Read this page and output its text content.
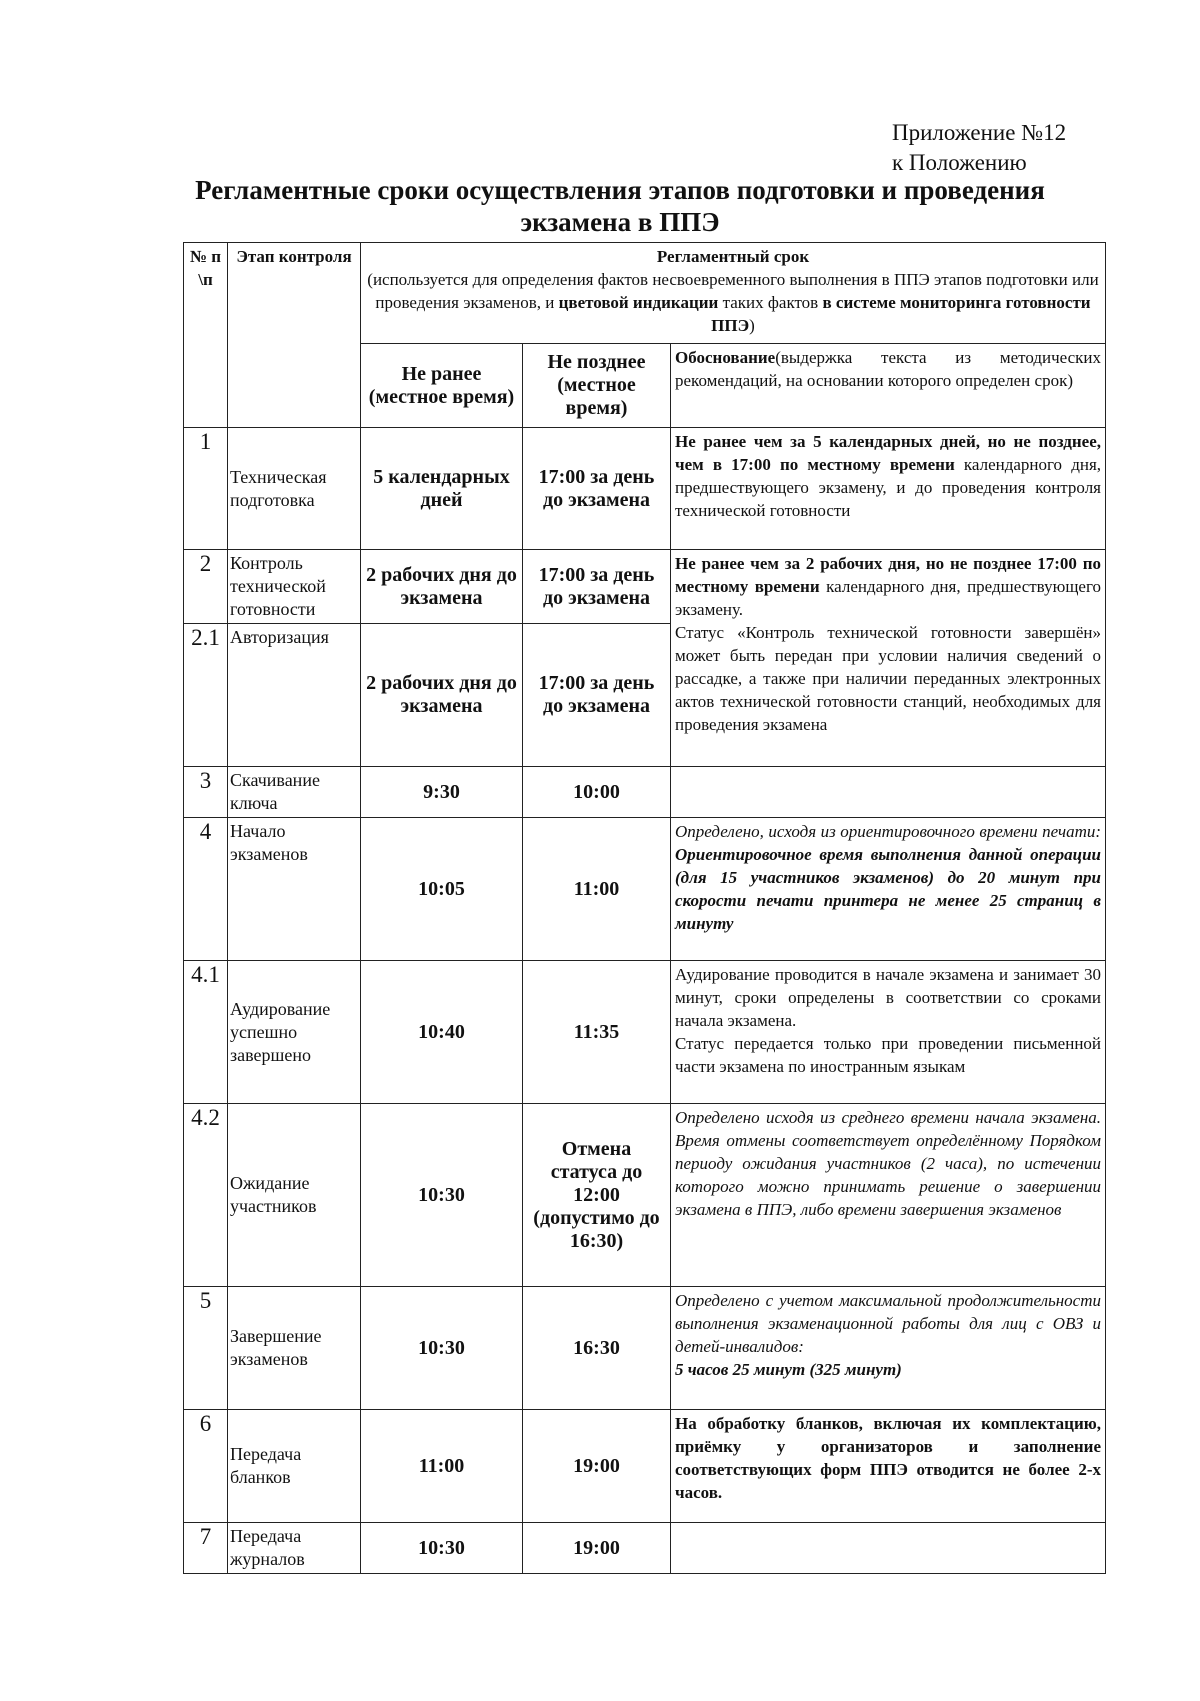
Приложение №12
к Положению
Регламентные сроки осуществления этапов подготовки и проведения экзамена в ППЭ
№ п \п	Этап контроля	Регламентный срок
(используется для определения фактов несвоевременного выполнения в ППЭ этапов подготовки или проведения экзаменов, и цветовой индикации таких фактов в системе мониторинга готовности ППЭ)		

		Не ранее (местное время)	Не позднее (местное время)	Обоснование(выдержка текста из методических рекомендаций, на основании которого определен срок)
1	Техническая подготовка	5 календарных дней	17:00 за день до экзамена	Не ранее чем за 5 календарных дней, но не позднее, чем в 17:00 по местному времени календарного дня, предшествующего экзамену, и до проведения контроля технической готовности
2	Контроль технической готовности	2 рабочих дня до экзамена	17:00 за день до экзамена	Не ранее чем за 2 рабочих дня, но не позднее 17:00 по местному времени календарного дня, предшествующего экзамену.
Статус «Контроль технической готовности завершён» может быть передан при условии наличия сведений о рассадке, а также при наличии переданных электронных актов технической готовности станций, необходимых для проведения экзамена

2.1	Авторизация	2 рабочих дня до экзамена	17:00 за день до экзамена	
3	Скачивание ключа	9:30	10:00	
4	Начало экзаменов	10:05	11:00	Определено, исходя из ориентировочного времени печати: Ориентировочное время выполнения данной операции (для 15 участников экзаменов) до 20 минут при скорости печати принтера не менее 25 страниц в минуту
4.1	Аудирование успешно завершено	10:40	11:35	Аудирование проводится в начале экзамена и занимает 30 минут, сроки определены в соответствии со сроками начала экзамена.
Статус передается только при проведении письменной части экзамена по иностранным языкам

4.2	Ожидание участников	10:30	Отмена статуса до 12:00 (допустимо до 16:30)	Определено исходя из среднего времени начала экзамена. Время отмены соответствует определённому Порядком периоду ожидания участников (2 часа), по истечении которого можно принимать решение о завершении экзамена в ППЭ, либо времени завершения экзаменов
5	Завершение экзаменов	10:30	16:30	Определено с учетом максимальной продолжительности выполнения экзаменационной работы для лиц с ОВЗ и детей-инвалидов:
5 часов 25 минут (325 минут)

6	Передача бланков	11:00	19:00	На обработку бланков, включая их комплектацию, приёмку у организаторов и заполнение соответствующих форм ППЭ отводится не более 2-х часов.
7	Передача журналов	10:30	19:00	
